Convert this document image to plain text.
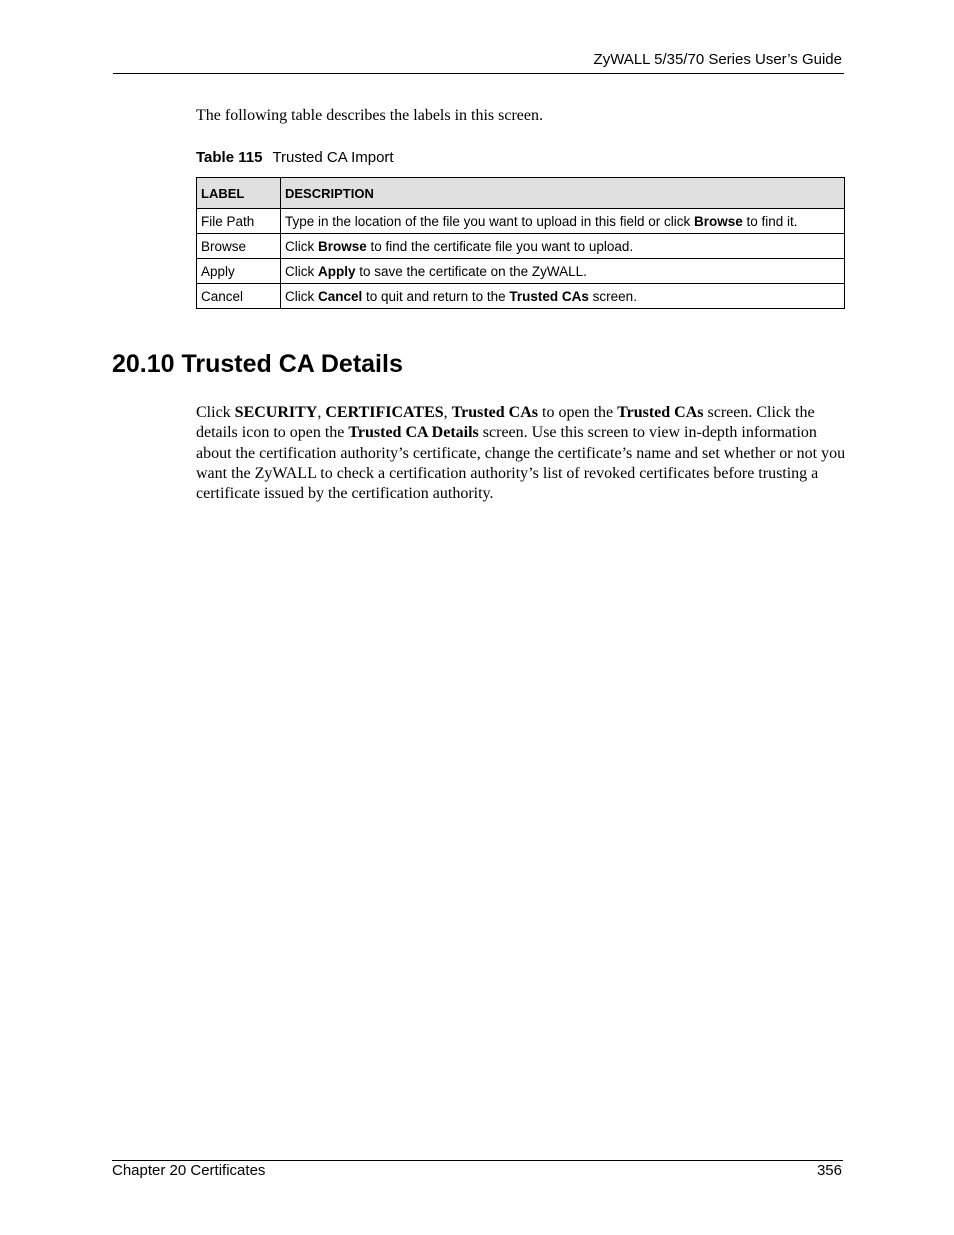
ZyWALL 5/35/70 Series User’s Guide
The following table describes the labels in this screen.
Table 115 Trusted CA Import
LABEL	DESCRIPTION
File Path	Type in the location of the file you want to upload in this field or click Browse to find it.
Browse	Click Browse to find the certificate file you want to upload.
Apply	Click Apply to save the certificate on the ZyWALL.
Cancel	Click Cancel to quit and return to the Trusted CAs screen.
20.10 Trusted CA Details
Click SECURITY, CERTIFICATES, Trusted CAs to open the Trusted CAs screen. Click the details icon to open the Trusted CA Details screen. Use this screen to view in-depth information about the certification authority’s certificate, change the certificate’s name and set whether or not you want the ZyWALL to check a certification authority’s list of revoked certificates before trusting a certificate issued by the certification authority.
Chapter 20 Certificates	356
